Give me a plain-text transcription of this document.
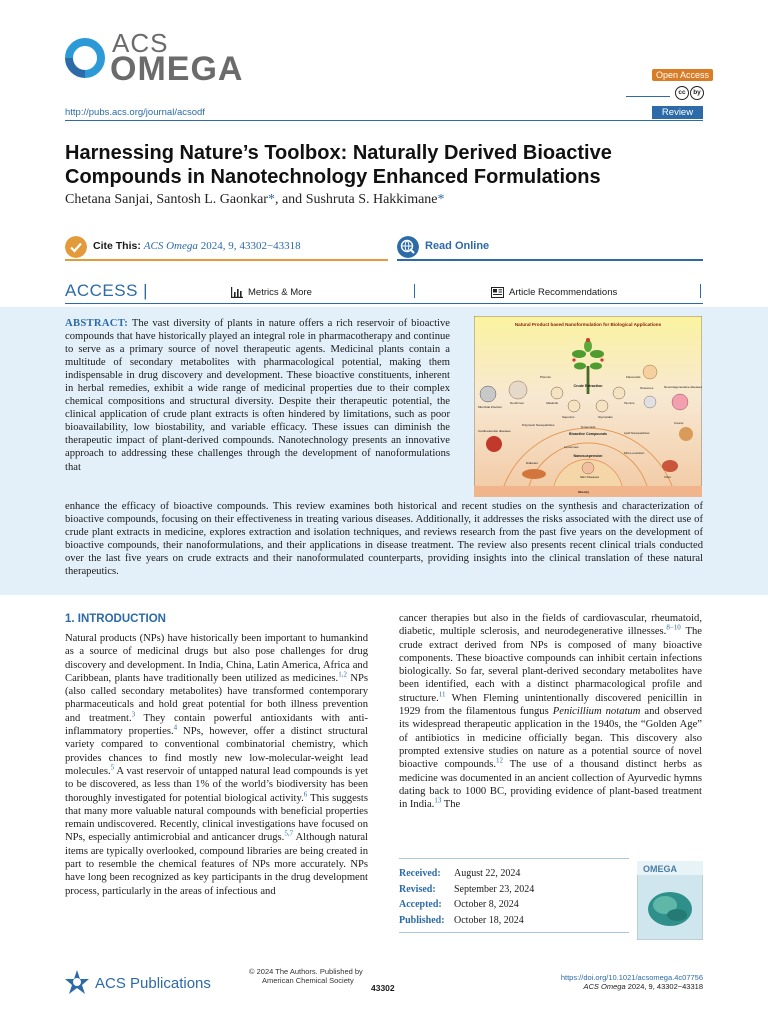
ACS
OMEGA
http://pubs.acs.org/journal/acsodf
Open Access
cc	by
Review
Harnessing Nature’s Toolbox: Naturally Derived Bioactive Compounds in Nanotechnology Enhanced Formulations
Chetana Sanjai, Santosh L. Gaonkar*, and Sushruta S. Hakkimane*
Cite This: ACS Omega 2024, 9, 43302−43318	Read Online
ACCESS |	Metrics & More	Article Recommendations
ABSTRACT: The vast diversity of plants in nature offers a rich reservoir of bioactive compounds that have historically played an integral role in pharmacotherapy and continue to serve as a primary source of novel therapeutic agents. Medicinal plants contain a multitude of secondary metabolites with pharmacological potential, making them indispensable in drug discovery and development. These bioactive constituents, inherent in herbal remedies, exhibit a wide range of medicinal properties due to their complex chemical compositions and structural diversity. Despite their therapeutic potential, the clinical application of crude plant extracts is often hindered by limitations, such as poor bioavailability, low biostability, and variable efficacy. These issues can diminish the therapeutic impact of plant-derived compounds. Nanotechnology presents an innovative approach to addressing these challenges through the development of nanoformulations that
enhance the efficacy of bioactive compounds. This review examines both historical and recent studies on the synthesis and characterization of bioactive compounds, focusing on their effectiveness in treating various diseases. Additionally, it addresses the risks associated with the direct use of crude plant extracts in medicine, explores extraction and isolation techniques, and reviews research from the past five years on the development of bioactive compounds, their nanoformulations, and their applications in disease treatment. The review also presents recent clinical trials conducted over the last five years on crude extracts and their nanoformulated counterparts, providing insights into the clinical translation of these natural therapeutics.
Natural Product based Nanoformulation for Biological Applications
Crude Extraction
Phenols	Flavonoids
Alkaloids
Terpenoids
Saponins
Tannins
Glycosides
Bioactive Compounds
Polymeric Nanoparticles
Liposomes
Niosomes
Micro-emulsion
Nanosuspension
Dendrimer
Lipid Nanoparticles
Microbial infection
Cardiovascular diseases
Diabetes
Skin Diseases
Obesity
Neurodegenerative diseases
Cancer
Ulcer
1. INTRODUCTION
Natural products (NPs) have historically been important to humankind as a source of medicinal drugs but also pose challenges for drug discovery and development. In India, China, Latin America, Africa and Caribbean, plants have traditionally been utilized as medicines.$^{1,2}$ NPs (also called secondary metabolites) have transformed contemporary pharmaceuticals and hold great potential for both illness prevention and treatment.$^3$ They contain powerful antioxidants with anti-inflammatory properties.$^4$ NPs, however, offer a distinct structural variety compared to conventional combinatorial chemistry, which provides chances to find mostly new low-molecular-weight lead molecules.$^5$ A vast reservoir of untapped natural lead compounds is yet to be discovered, as less than 1% of the world’s biodiversity has been thoroughly investigated for potential biological activity.$^6$ This suggests that many more valuable natural compounds with beneficial properties remain undiscovered. Recently, clinical investigations have focused on NPs, especially antimicrobial and anticancer drugs.$^{5,7}$ Although natural items are typically overlooked, compound libraries are being created in part to resemble the chemical features of NPs more accurately. NPs have long been recognized as key participants in the drug development process, particularly in the areas of infectious and
cancer therapies but also in the fields of cardiovascular, rheumatoid, diabetic, multiple sclerosis, and neurodegenerative illnesses.$^{8-10}$ The crude extract derived from NPs is composed of many bioactive components. These bioactive compounds can inhibit certain infections biologically. So far, several plant-derived secondary metabolites have been identified, each with a distinct pharmacological profile and structure.$^{11}$ When Fleming unintentionally discovered penicillin in 1929 from the filamentous fungus Penicillium notatum and observed its widespread therapeutic application in the 1940s, the “Golden Age” of antibiotics in medicine officially began. This discovery also prompted extensive studies on nature as a potential source of novel bioactive compounds.$^{12}$ The use of a thousand distinct herbs as medicine was documented in an ancient collection of Ayurvedic hymns dating back to 1000 BC, providing evidence of plant-based treatment in India.$^{13}$ The
Received:	August 22, 2024
Revised:	September 23, 2024
Accepted:	October 8, 2024
Published: October 18, 2024
OMEGA
ACS Publications
© 2024 The Authors. Published by
American Chemical Society
43302
https://doi.org/10.1021/acsomega.4c07756
ACS Omega 2024, 9, 43302−43318
